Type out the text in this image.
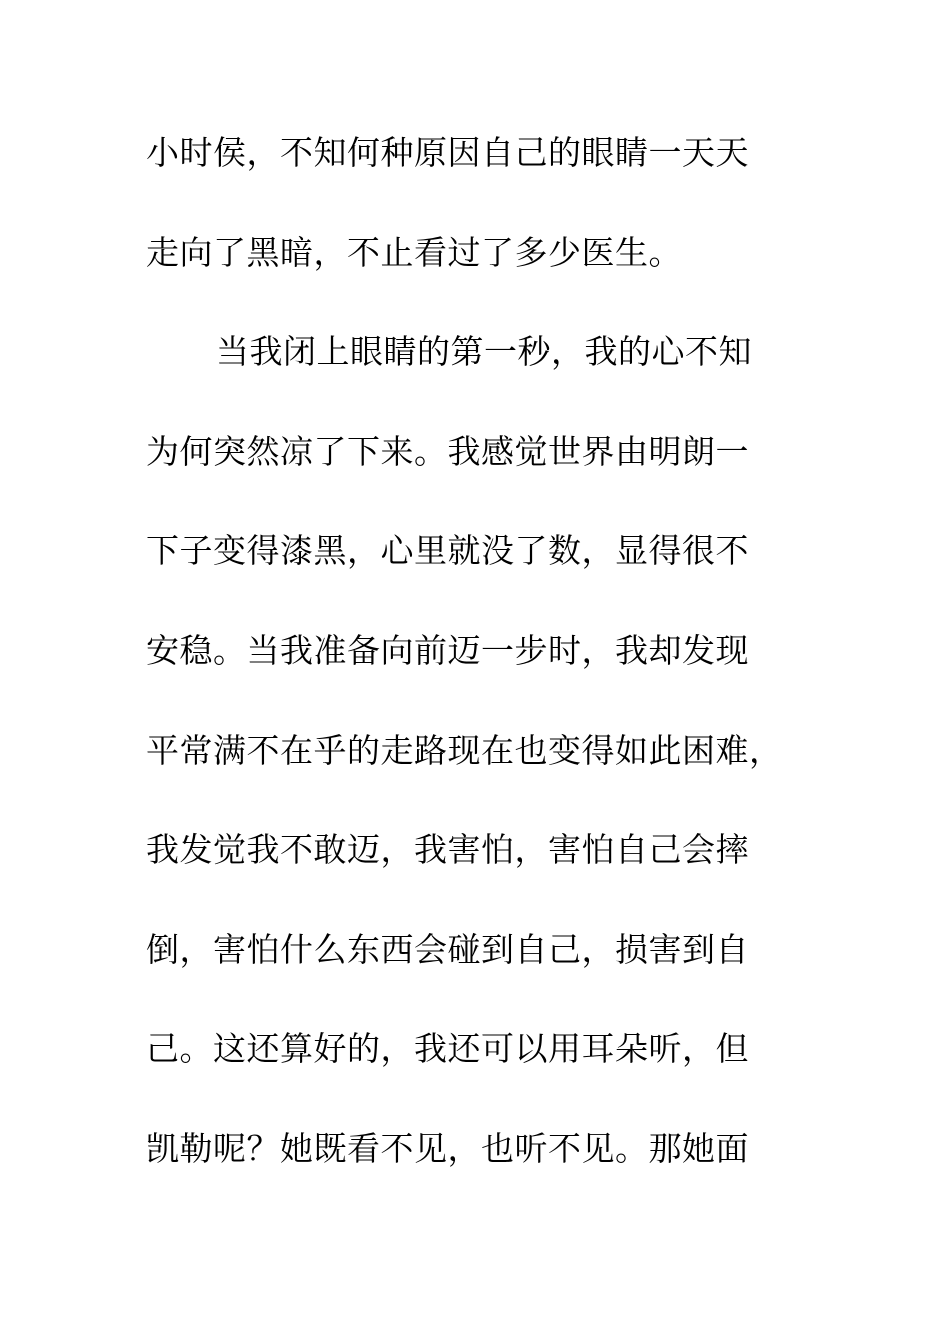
小时侯，不知何种原因自己的眼睛一天天
走向了黑暗，不止看过了多少医生。
当我闭上眼睛的第一秒，我的心不知
为何突然凉了下来。我感觉世界由明朗一
下子变得漆黑，心里就没了数，显得很不
安稳。当我准备向前迈一步时，我却发现
平常满不在乎的走路现在也变得如此困难，
我发觉我不敢迈，我害怕，害怕自己会摔
倒，害怕什么东西会碰到自己，损害到自
己。这还算好的，我还可以用耳朵听，但
凯勒呢？她既看不见，也听不见。那她面
